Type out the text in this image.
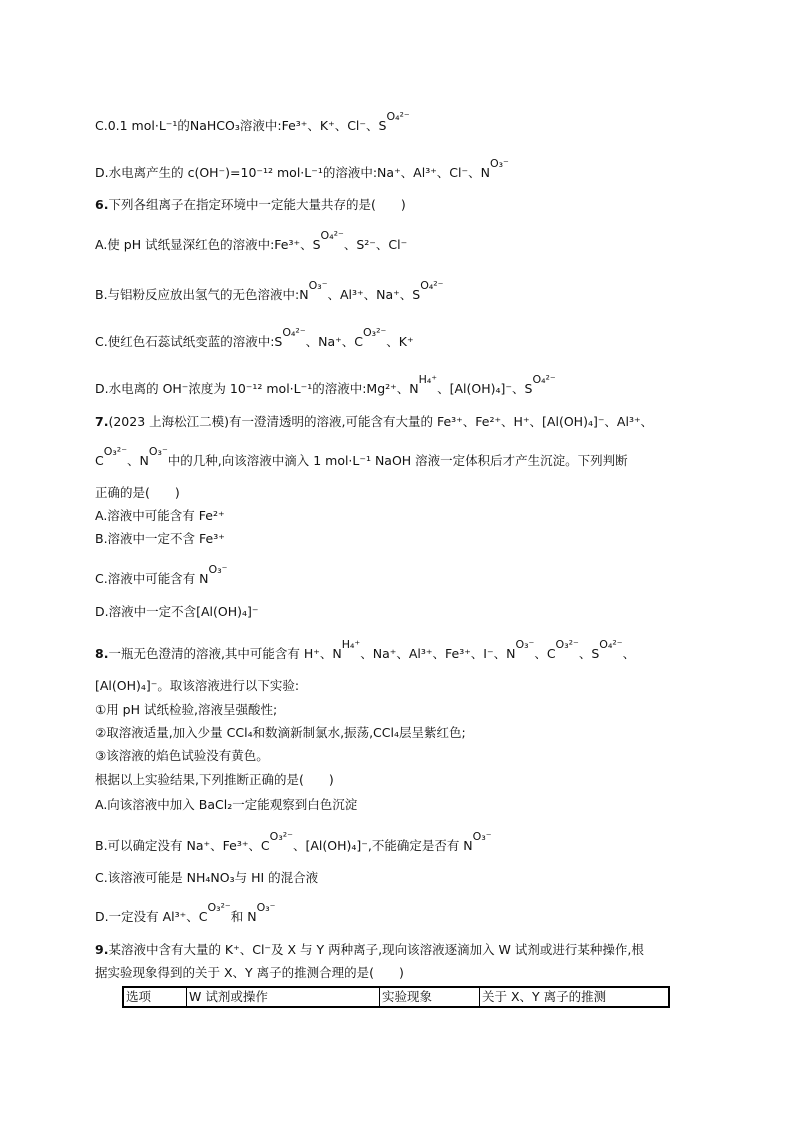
C.0.1 mol·L⁻¹的NaHCO₃溶液中:Fe³⁺、K⁺、Cl⁻、SO₄²⁻
D.水电离产生的 c(OH⁻)=10⁻¹² mol·L⁻¹的溶液中:Na⁺、Al³⁺、Cl⁻、NO₃⁻
6.下列各组离子在指定环境中一定能大量共存的是(　　)
A.使 pH 试纸显深红色的溶液中:Fe³⁺、SO₄²⁻、S²⁻、Cl⁻
B.与铝粉反应放出氢气的无色溶液中:NO₃⁻、Al³⁺、Na⁺、SO₄²⁻
C.使红色石蕊试纸变蓝的溶液中:SO₄²⁻、Na⁺、CO₃²⁻、K⁺
D.水电离的 OH⁻浓度为 10⁻¹² mol·L⁻¹的溶液中:Mg²⁺、NH₄⁺、[Al(OH)₄]⁻、SO₄²⁻
7.(2023 上海松江二模)有一澄清透明的溶液,可能含有大量的 Fe³⁺、Fe²⁺、H⁺、[Al(OH)₄]⁻、Al³⁺、
CO₃²⁻、NO₃⁻中的几种,向该溶液中滴入 1 mol·L⁻¹ NaOH 溶液一定体积后才产生沉淀。下列判断
正确的是(　　)
A.溶液中可能含有 Fe²⁺
B.溶液中一定不含 Fe³⁺
C.溶液中可能含有 NO₃⁻
D.溶液中一定不含[Al(OH)₄]⁻
8.一瓶无色澄清的溶液,其中可能含有 H⁺、NH₄⁺、Na⁺、Al³⁺、Fe³⁺、I⁻、NO₃⁻、CO₃²⁻、SO₄²⁻、
[Al(OH)₄]⁻。取该溶液进行以下实验:
①用 pH 试纸检验,溶液呈强酸性;
②取溶液适量,加入少量 CCl₄和数滴新制氯水,振荡,CCl₄层呈紫红色;
③该溶液的焰色试验没有黄色。
根据以上实验结果,下列推断正确的是(　　)
A.向该溶液中加入 BaCl₂一定能观察到白色沉淀
B.可以确定没有 Na⁺、Fe³⁺、CO₃²⁻、[Al(OH)₄]⁻,不能确定是否有 NO₃⁻
C.该溶液可能是 NH₄NO₃与 HI 的混合液
D.一定没有 Al³⁺、CO₃²⁻和 NO₃⁻
9.某溶液中含有大量的 K⁺、Cl⁻及 X 与 Y 两种离子,现向该溶液逐滴加入 W 试剂或进行某种操作,根
据实验现象得到的关于 X、Y 离子的推测合理的是(　　)
选项	W 试剂或操作	实验现象	关于 X、Y 离子的推测
